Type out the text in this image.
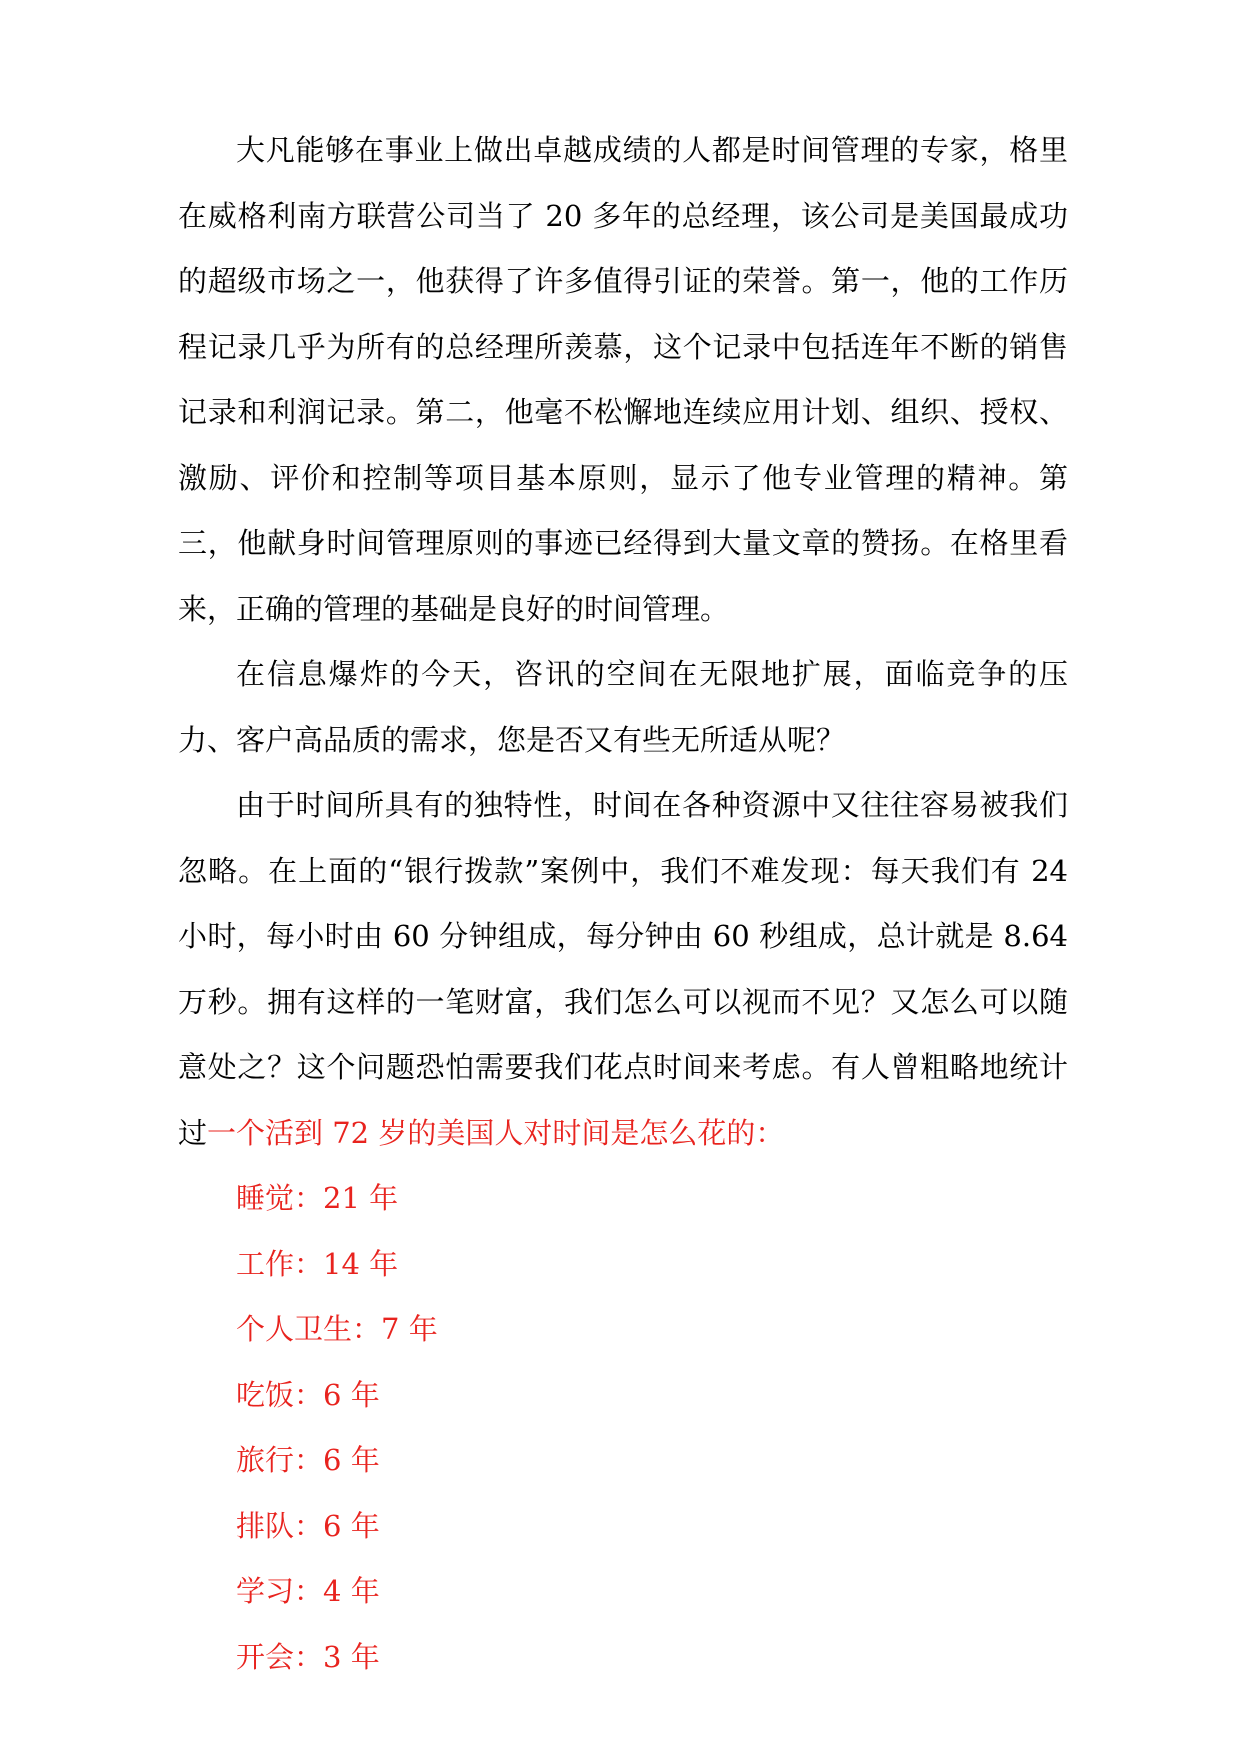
大凡能够在事业上做出卓越成绩的人都是时间管理的专家，格里在威格利南方联营公司当了 20 多年的总经理，该公司是美国最成功的超级市场之一，他获得了许多值得引证的荣誉。第一，他的工作历程记录几乎为所有的总经理所羡慕，这个记录中包括连年不断的销售记录和利润记录。第二，他毫不松懈地连续应用计划、组织、授权、激励、评价和控制等项目基本原则，显示了他专业管理的精神。第三，他献身时间管理原则的事迹已经得到大量文章的赞扬。在格里看来，正确的管理的基础是良好的时间管理。

在信息爆炸的今天，咨讯的空间在无限地扩展，面临竞争的压力、客户高品质的需求，您是否又有些无所适从呢？

由于时间所具有的独特性，时间在各种资源中又往往容易被我们忽略。在上面的“银行拨款”案例中，我们不难发现：每天我们有 24 小时，每小时由 60 分钟组成，每分钟由 60 秒组成，总计就是 8.64 万秒。拥有这样的一笔财富，我们怎么可以视而不见？又怎么可以随意处之？这个问题恐怕需要我们花点时间来考虑。有人曾粗略地统计过一个活到 72 岁的美国人对时间是怎么花的：

睡觉：21 年
工作：14 年
个人卫生：7 年
吃饭：6 年
旅行：6 年
排队：6 年
学习：4 年
开会：3 年
